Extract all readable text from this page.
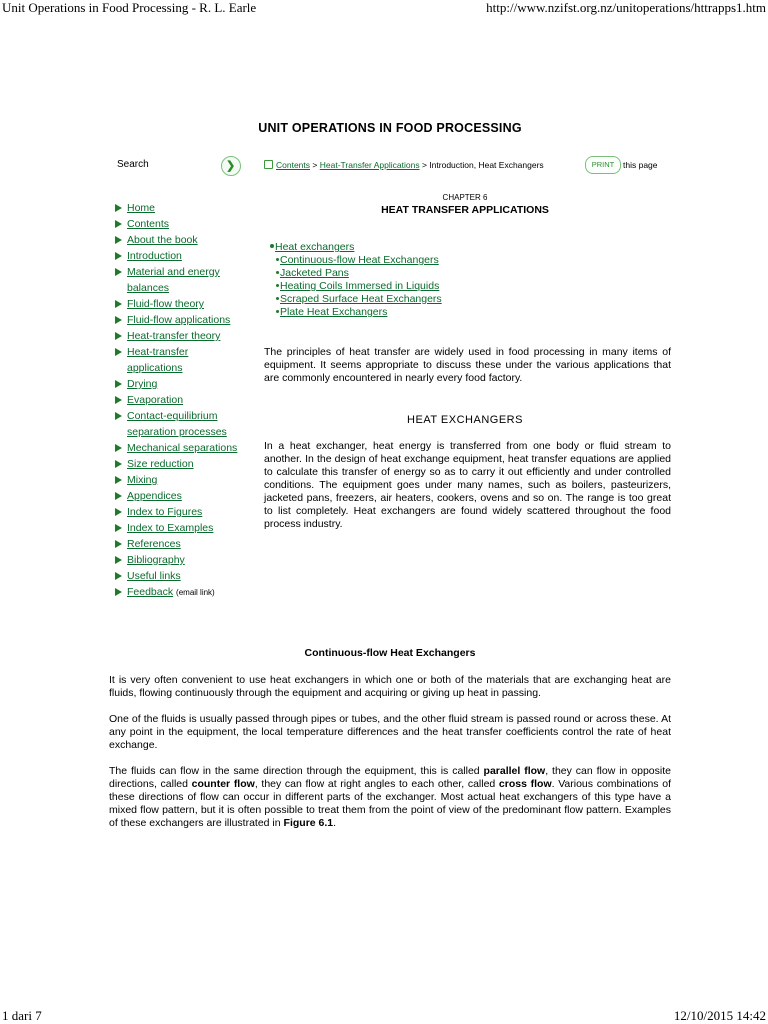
Unit Operations in Food Processing - R. L. Earle	http://www.nzifst.org.nz/unitoperations/httrapps1.htm
UNIT OPERATIONS IN FOOD PROCESSING
Search	❯	Contents > Heat-Transfer Applications > Introduction, Heat Exchangers	PRINT	this page
Home
Contents
About the book
Introduction
Material and energy balances
Fluid-flow theory
Fluid-flow applications
Heat-transfer theory
Heat-transfer applications
Drying
Evaporation
Contact-equilibrium separation processes
Mechanical separations
Size reduction
Mixing
Appendices
Index to Figures
Index to Examples
References
Bibliography
Useful links
Feedback (email link)
CHAPTER 6
HEAT TRANSFER APPLICATIONS
Heat exchangers
Continuous-flow Heat Exchangers
Jacketed Pans
Heating Coils Immersed in Liquids
Scraped Surface Heat Exchangers
Plate Heat Exchangers

The principles of heat transfer are widely used in food processing in many items of equipment. It seems appropriate to discuss these under the various applications that are commonly encountered in nearly every food factory.

HEAT EXCHANGERS

In a heat exchanger, heat energy is transferred from one body or fluid stream to another. In the design of heat exchange equipment, heat transfer equations are applied to calculate this transfer of energy so as to carry it out efficiently and under controlled conditions. The equipment goes under many names, such as boilers, pasteurizers, jacketed pans, freezers, air heaters, cookers, ovens and so on. The range is too great to list completely. Heat exchangers are found widely scattered throughout the food process industry.

Continuous-flow Heat Exchangers

It is very often convenient to use heat exchangers in which one or both of the materials that are exchanging heat are fluids, flowing continuously through the equipment and acquiring or giving up heat in passing.

One of the fluids is usually passed through pipes or tubes, and the other fluid stream is passed round or across these. At any point in the equipment, the local temperature differences and the heat transfer coefficients control the rate of heat exchange.

The fluids can flow in the same direction through the equipment, this is called parallel flow, they can flow in opposite directions, called counter flow, they can flow at right angles to each other, called cross flow. Various combinations of these directions of flow can occur in different parts of the exchanger. Most actual heat exchangers of this type have a mixed flow pattern, but it is often possible to treat them from the point of view of the predominant flow pattern. Examples of these exchangers are illustrated in Figure 6.1.

1 dari 7	12/10/2015 14:42
